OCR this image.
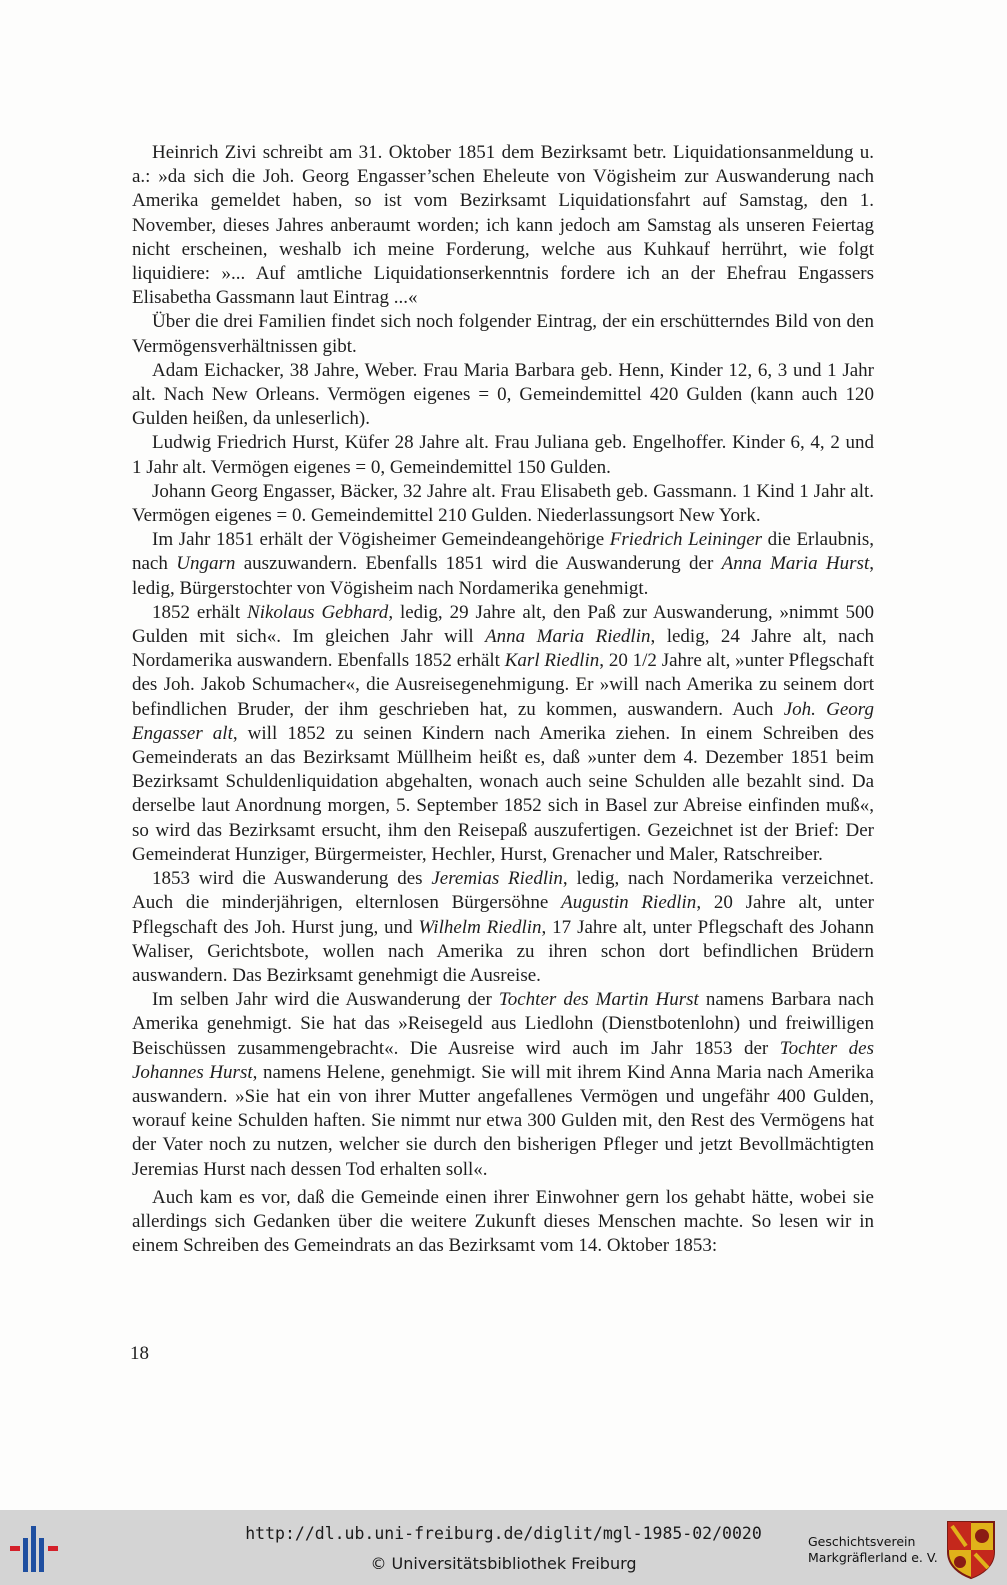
Heinrich Zivi schreibt am 31. Oktober 1851 dem Bezirksamt betr. Liquidationsanmeldung u. a.: »da sich die Joh. Georg Engasser’schen Eheleute von Vögisheim zur Auswanderung nach Amerika gemeldet haben, so ist vom Bezirksamt Liquidationsfahrt auf Samstag, den 1. November, dieses Jahres anberaumt worden; ich kann jedoch am Samstag als unseren Feiertag nicht erscheinen, weshalb ich meine Forderung, welche aus Kuhkauf herrührt, wie folgt liquidiere: »... Auf amtliche Liquidationserkenntnis fordere ich an der Ehefrau Engassers Elisabetha Gassmann laut Eintrag ...«

Über die drei Familien findet sich noch folgender Eintrag, der ein erschütterndes Bild von den Vermögensverhältnissen gibt.

Adam Eichacker, 38 Jahre, Weber. Frau Maria Barbara geb. Henn, Kinder 12, 6, 3 und 1 Jahr alt. Nach New Orleans. Vermögen eigenes = 0, Gemeindemittel 420 Gulden (kann auch 120 Gulden heißen, da unleserlich).

Ludwig Friedrich Hurst, Küfer 28 Jahre alt. Frau Juliana geb. Engelhoffer. Kinder 6, 4, 2 und 1 Jahr alt. Vermögen eigenes = 0, Gemeindemittel 150 Gulden.

Johann Georg Engasser, Bäcker, 32 Jahre alt. Frau Elisabeth geb. Gassmann. 1 Kind 1 Jahr alt. Vermögen eigenes = 0. Gemeindemittel 210 Gulden. Niederlassungsort New York.

Im Jahr 1851 erhält der Vögisheimer Gemeindeangehörige Friedrich Leininger die Erlaubnis, nach Ungarn auszuwandern. Ebenfalls 1851 wird die Auswanderung der Anna Maria Hurst, ledig, Bürgerstochter von Vögisheim nach Nordamerika genehmigt.

1852 erhält Nikolaus Gebhard, ledig, 29 Jahre alt, den Paß zur Auswanderung, »nimmt 500 Gulden mit sich«. Im gleichen Jahr will Anna Maria Riedlin, ledig, 24 Jahre alt, nach Nordamerika auswandern. Ebenfalls 1852 erhält Karl Riedlin, 20 1/2 Jahre alt, »unter Pflegschaft des Joh. Jakob Schumacher«, die Ausreisegenehmigung. Er »will nach Amerika zu seinem dort befindlichen Bruder, der ihm geschrieben hat, zu kommen, auswandern. Auch Joh. Georg Engasser alt, will 1852 zu seinen Kindern nach Amerika ziehen. In einem Schreiben des Gemeinderats an das Bezirksamt Müllheim heißt es, daß »unter dem 4. Dezember 1851 beim Bezirksamt Schuldenliquidation abgehalten, wonach auch seine Schulden alle bezahlt sind. Da derselbe laut Anordnung morgen, 5. September 1852 sich in Basel zur Abreise einfinden muß«, so wird das Bezirksamt ersucht, ihm den Reisepaß auszufertigen. Gezeichnet ist der Brief: Der Gemeinderat Hunziger, Bürgermeister, Hechler, Hurst, Grenacher und Maler, Ratschreiber.

1853 wird die Auswanderung des Jeremias Riedlin, ledig, nach Nordamerika verzeichnet. Auch die minderjährigen, elternlosen Bürgersöhne Augustin Riedlin, 20 Jahre alt, unter Pflegschaft des Joh. Hurst jung, und Wilhelm Riedlin, 17 Jahre alt, unter Pflegschaft des Johann Waliser, Gerichtsbote, wollen nach Amerika zu ihren schon dort befindlichen Brüdern auswandern. Das Bezirksamt genehmigt die Ausreise.

Im selben Jahr wird die Auswanderung der Tochter des Martin Hurst namens Barbara nach Amerika genehmigt. Sie hat das »Reisegeld aus Liedlohn (Dienstbotenlohn) und freiwilligen Beischüssen zusammengebracht«. Die Ausreise wird auch im Jahr 1853 der Tochter des Johannes Hurst, namens Helene, genehmigt. Sie will mit ihrem Kind Anna Maria nach Amerika auswandern. »Sie hat ein von ihrer Mutter angefallenes Vermögen und ungefähr 400 Gulden, worauf keine Schulden haften. Sie nimmt nur etwa 300 Gulden mit, den Rest des Vermögens hat der Vater noch zu nutzen, welcher sie durch den bisherigen Pfleger und jetzt Bevollmächtigten Jeremias Hurst nach dessen Tod erhalten soll«.

Auch kam es vor, daß die Gemeinde einen ihrer Einwohner gern los gehabt hätte, wobei sie allerdings sich Gedanken über die weitere Zukunft dieses Menschen machte. So lesen wir in einem Schreiben des Gemeindrats an das Bezirksamt vom 14. Oktober 1853:

18
http://dl.ub.uni-freiburg.de/diglit/mgl-1985-02/0020
© Universitätsbibliothek Freiburg
Geschichtsverein
Markgräflerland e. V.
